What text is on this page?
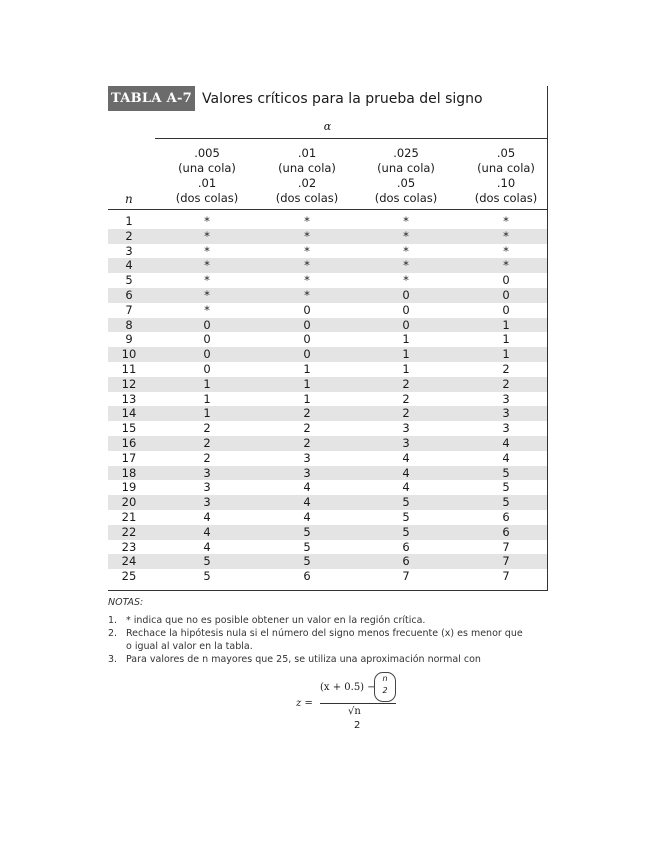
TABLA A-7 Valores críticos para la prueba del signo
α
n
.005
(una cola)
.01
(dos colas)
.01
(una cola)
.02
(dos colas)
.025
(una cola)
.05
(dos colas)
.05
(una cola)
.10
(dos colas)
1	*	*	*	*
2	*	*	*	*
3	*	*	*	*
4	*	*	*	*
5	*	*	*	0
6	*	*	0	0
7	*	0	0	0
8	0	0	0	1
9	0	0	1	1
10	0	0	1	1
11	0	1	1	2
12	1	1	2	2
13	1	1	2	3
14	1	2	2	3
15	2	2	3	3
16	2	2	3	4
17	2	3	4	4
18	3	3	4	5
19	3	4	4	5
20	3	4	5	5
21	4	4	5	6
22	4	5	5	6
23	4	5	6	7
24	5	5	6	7
25	5	6	7	7
NOTAS:
1. * indica que no es posible obtener un valor en la región crítica.
2. Rechace la hipótesis nula si el número del signo menos frecuente (x) es menor que o igual al valor en la tabla.
3. Para valores de n mayores que 25, se utiliza una aproximación normal con
z =
(x + 0.5) −
n
2
√n
2
